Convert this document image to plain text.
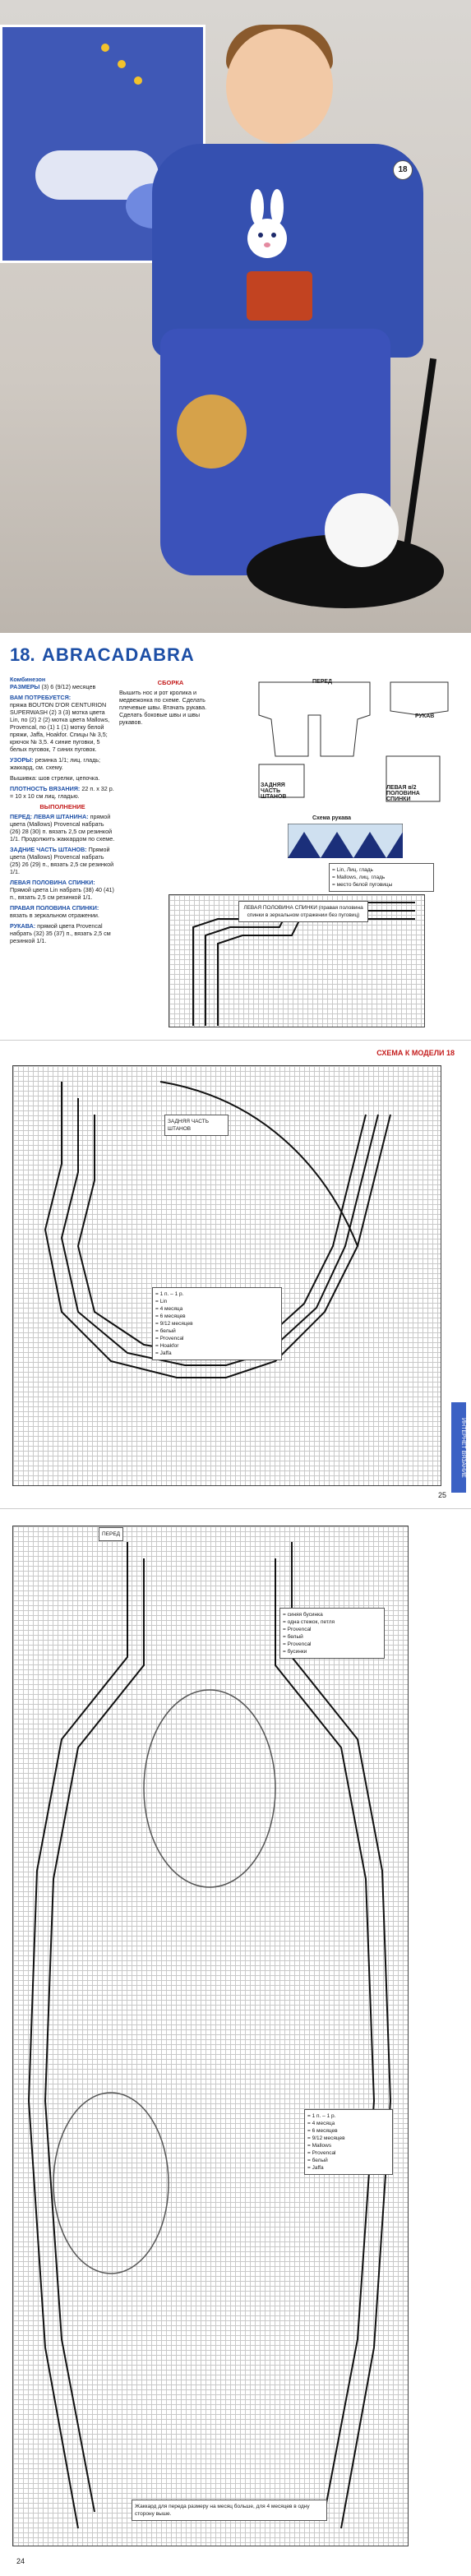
18
18. ABRACADABRA

Комбинезон
РАЗМЕРЫ (3) 6 (9/12) месяцев

ВАМ ПОТРЕБУЕТСЯ:
пряжа BOUTON D'OR CENTURION SUPERWASH (2) 3 (3) мотка цвета Lin, по (2) 2 (2) мотка цвета Mallows, Provencal, по (1) 1 (1) мотку белой пряжи, Jaffa, Hoakfor. Спицы № 3,5; крючок № 3,5. 4 синие пуговки, 5 белых пуговок, 7 синих пуговок.

УЗОРЫ: резинка 1/1; лиц. гладь; жаккард, см. схему.

Вышивка: шов стрелки, цепочка.

ПЛОТНОСТЬ ВЯЗАНИЯ: 22 п. х 32 р. = 10 х 10 см лиц. гладью.

ВЫПОЛНЕНИЕ

ПЕРЕД: ЛЕВАЯ ШТАНИНА: прямой цвета (Mallows) Provencal набрать (26) 28 (30) п. вязать 2,5 см резинкой 1/1. Продолжить жаккардом по схеме.

ЗАДНИЕ ЧАСТЬ ШТАНОВ: Прямой цвета (Mallows) Provencal набрать (25) 26 (29) п., вязать 2,5 см резинкой 1/1.

ЛЕВАЯ ПОЛОВИНА СПИНКИ: Прямой цвета Lin набрать (38) 40 (41) п., вязать 2,5 см резинкой 1/1.

ПРАВАЯ ПОЛОВИНА СПИНКИ: вязать в зеркальном отражении.

РУКАВА: прямой цвета Provencal набрать (32) 35 (37) п., вязать 2,5 см резинкой 1/1.

СБОРКА

Вышить нос и рот кролика и медвежонка по схеме. Сделать плечевые швы. Втачать рукава. Сделать боковые швы и швы рукавов.

ПЕРЕД
ЗАДНЯЯ ЧАСТЬ ШТАНОВ
РУКАВ
ЛЕВАЯ в/2 ПОЛОВИНА СПИНКИ
Схема рукава
= Lin, Лиц. гладь
= Mallows, лиц. гладь
= место белой пуговицы
ЛЕВАЯ ПОЛОВИНА СПИНКИ (правая половина спинки в зеркальном отражении без пуговиц)
СХЕМА К МОДЕЛИ 18
= 1 п. – 1 р.
= Lin
= 4 месяца
= 6 месяцев
= 9/12 месяцев
= белый
= Provencal
= Hoakfor
= Jaffa
ЗАДНЯЯ ЧАСТЬ ШТАНОВ
ИНТЕРНЕТ ВЯЗАНИЕ
25
ПЕРЕД
= синяя бусинка
= одна стежок, петля
= Provencal
= белый
= Provencal
= бусинки
= 1 п. – 1 р.
= 4 месяца
= 6 месяцев
= 9/12 месяцев
= Mallows
= Provencal
= белый
= Jaffa
Жаккард для переда размеру на месяц больше, для 4 месяцев в одну сторону выше.
24
